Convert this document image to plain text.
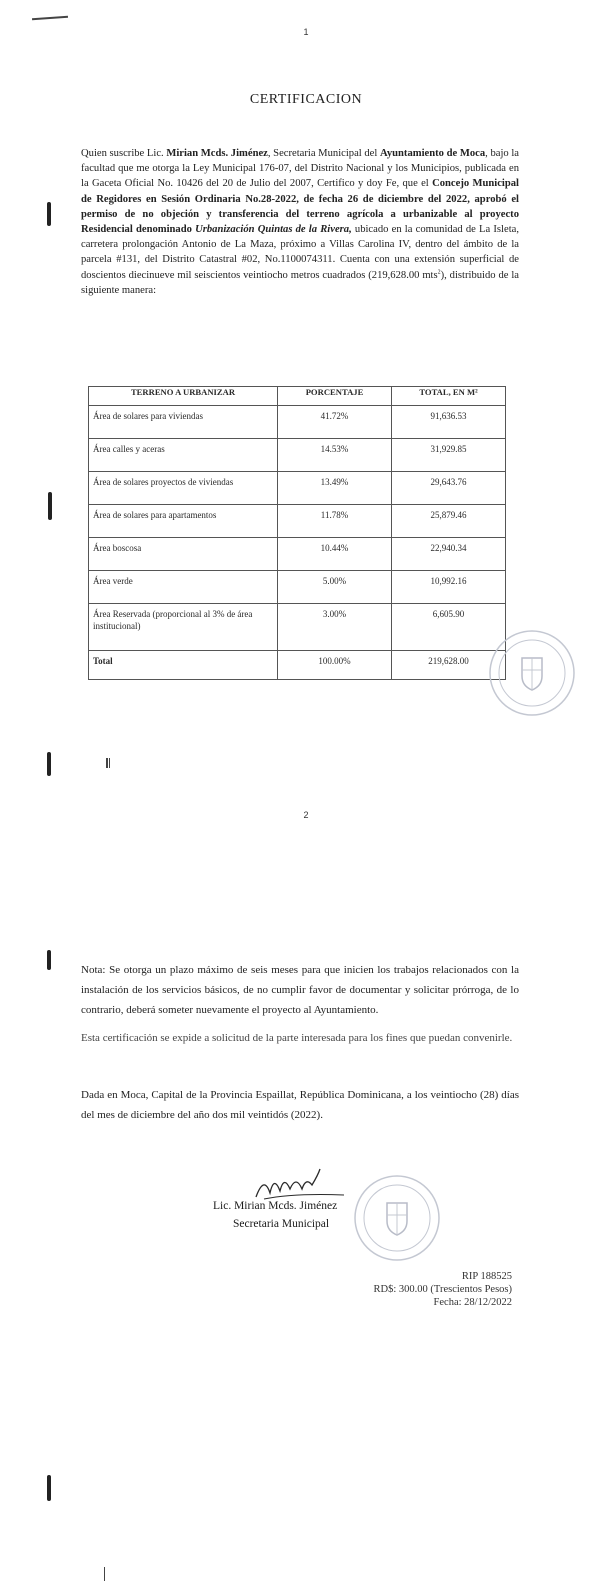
1
CERTIFICACION
Quien suscribe Lic. Mirian Mcds. Jiménez, Secretaria Municipal del Ayuntamiento de Moca, bajo la facultad que me otorga la Ley Municipal 176-07, del Distrito Nacional y los Municipios, publicada en la Gaceta Oficial No. 10426 del 20 de Julio del 2007, Certifico y doy Fe, que el Concejo Municipal de Regidores en Sesión Ordinaria No.28-2022, de fecha 26 de diciembre del 2022, aprobó el permiso de no objeción y transferencia del terreno agrícola a urbanizable al proyecto Residencial denominado Urbanización Quintas de la Rivera, ubicado en la comunidad de La Isleta, carretera prolongación Antonio de La Maza, próximo a Villas Carolina IV, dentro del ámbito de la parcela #131, del Distrito Catastral #02, No.1100074311. Cuenta con una extensión superficial de doscientos diecinueve mil seiscientos veintiocho metros cuadrados (219,628.00 mts$^2$), distribuido de la siguiente manera:
TERRENO A URBANIZAR	PORCENTAJE	TOTAL, EN M²
Área de solares para viviendas	41.72%	91,636.53
Área calles y aceras	14.53%	31,929.85
Área de solares proyectos de viviendas	13.49%	29,643.76
Área de solares para apartamentos	11.78%	25,879.46
Área boscosa	10.44%	22,940.34
Área verde	5.00%	10,992.16
Área Reservada (proporcional al 3% de área institucional)	3.00%	6,605.90
Total	100.00%	219,628.00
2
Nota: Se otorga un plazo máximo de seis meses para que inicien los trabajos relacionados con la instalación de los servicios básicos, de no cumplir favor de documentar y solicitar prórroga, de lo contrario, deberá someter nuevamente el proyecto al Ayuntamiento.
Esta certificación se expide a solicitud de la parte interesada para los fines que puedan convenirle.
Dada en Moca, Capital de la Provincia Espaillat, República Dominicana, a los veintiocho (28) días del mes de diciembre del año dos mil veintidós (2022).
Lic. Mirian Mcds. Jiménez
Secretaria Municipal
RIP 188525
RD$: 300.00 (Trescientos Pesos)
Fecha: 28/12/2022
